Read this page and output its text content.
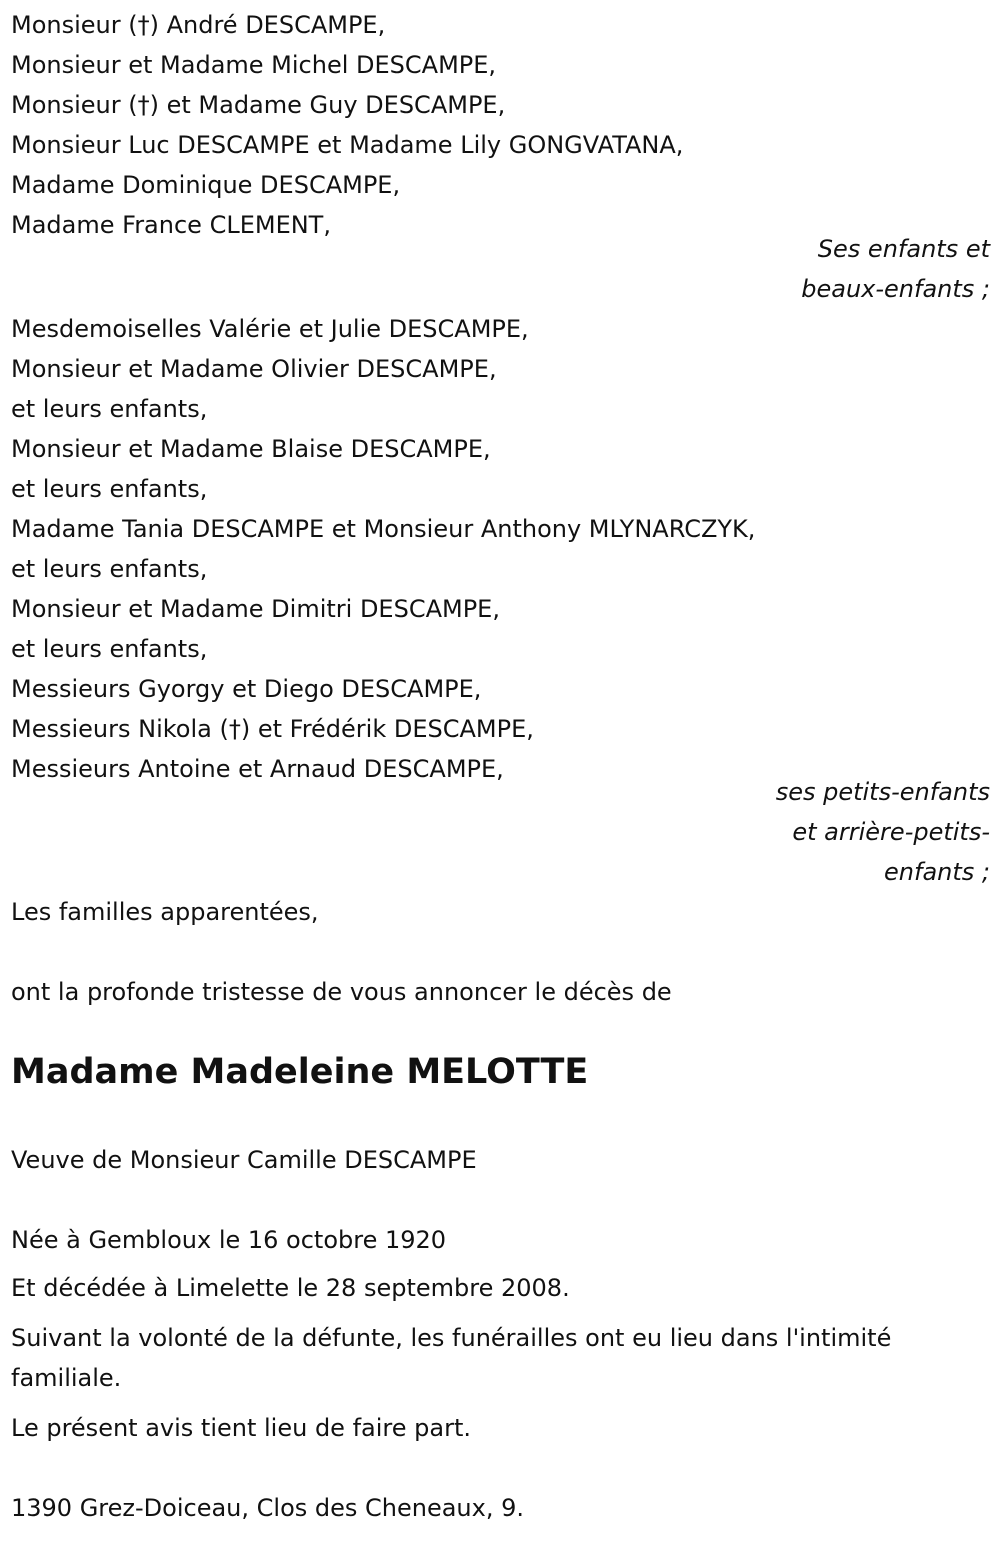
Monsieur (†) André DESCAMPE,
Monsieur et Madame Michel DESCAMPE,
Monsieur (†) et Madame Guy DESCAMPE,
Monsieur Luc DESCAMPE et Madame Lily GONGVATANA,
Madame Dominique DESCAMPE,
Madame France CLEMENT,
Ses enfants et
beaux-enfants ;
Mesdemoiselles Valérie et Julie DESCAMPE,
Monsieur et Madame Olivier DESCAMPE,
et leurs enfants,
Monsieur et Madame Blaise DESCAMPE,
et leurs enfants,
Madame Tania DESCAMPE et Monsieur Anthony MLYNARCZYK,
et leurs enfants,
Monsieur et Madame Dimitri DESCAMPE,
et leurs enfants,
Messieurs Gyorgy et Diego DESCAMPE,
Messieurs Nikola (†) et Frédérik DESCAMPE,
Messieurs Antoine et Arnaud DESCAMPE,
ses petits-enfants
et arrière-petits-
enfants ;
Les familles apparentées,
ont la profonde tristesse de vous annoncer le décès de
Madame Madeleine MELOTTE
Veuve de Monsieur Camille DESCAMPE
Née à Gembloux le 16 octobre 1920
Et décédée à Limelette le 28 septembre 2008.
Suivant la volonté de la défunte, les funérailles ont eu lieu dans l'intimité familiale.
Le présent avis tient lieu de faire part.
1390 Grez-Doiceau, Clos des Cheneaux, 9.
